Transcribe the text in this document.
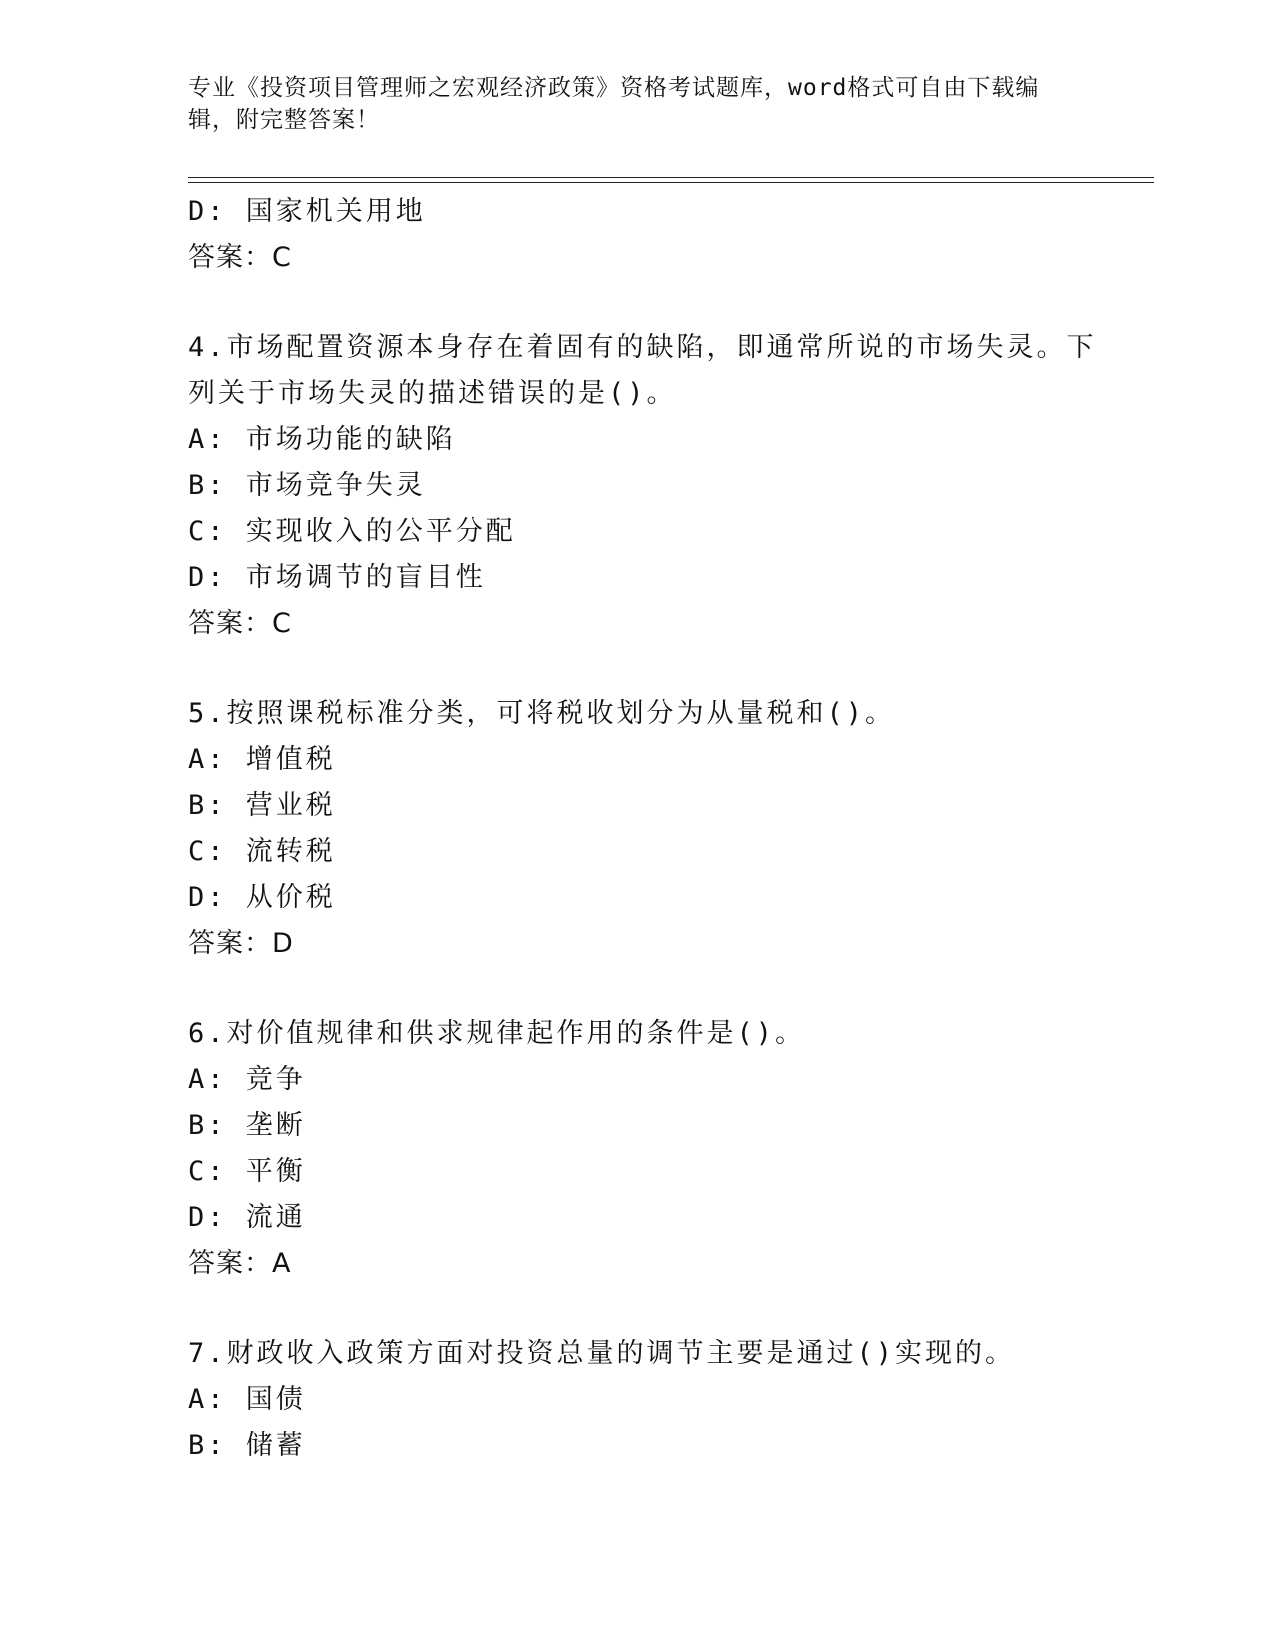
专业《投资项目管理师之宏观经济政策》资格考试题库，word格式可自由下载编辑，附完整答案！
D: 国家机关用地
答案：C
4.市场配置资源本身存在着固有的缺陷，即通常所说的市场失灵。下
列关于市场失灵的描述错误的是()。
A: 市场功能的缺陷
B: 市场竞争失灵
C: 实现收入的公平分配
D: 市场调节的盲目性
答案：C
5.按照课税标准分类，可将税收划分为从量税和()。
A: 增值税
B: 营业税
C: 流转税
D: 从价税
答案：D
6.对价值规律和供求规律起作用的条件是()。
A: 竞争
B: 垄断
C: 平衡
D: 流通
答案：A
7.财政收入政策方面对投资总量的调节主要是通过()实现的。
A: 国债
B: 储蓄
